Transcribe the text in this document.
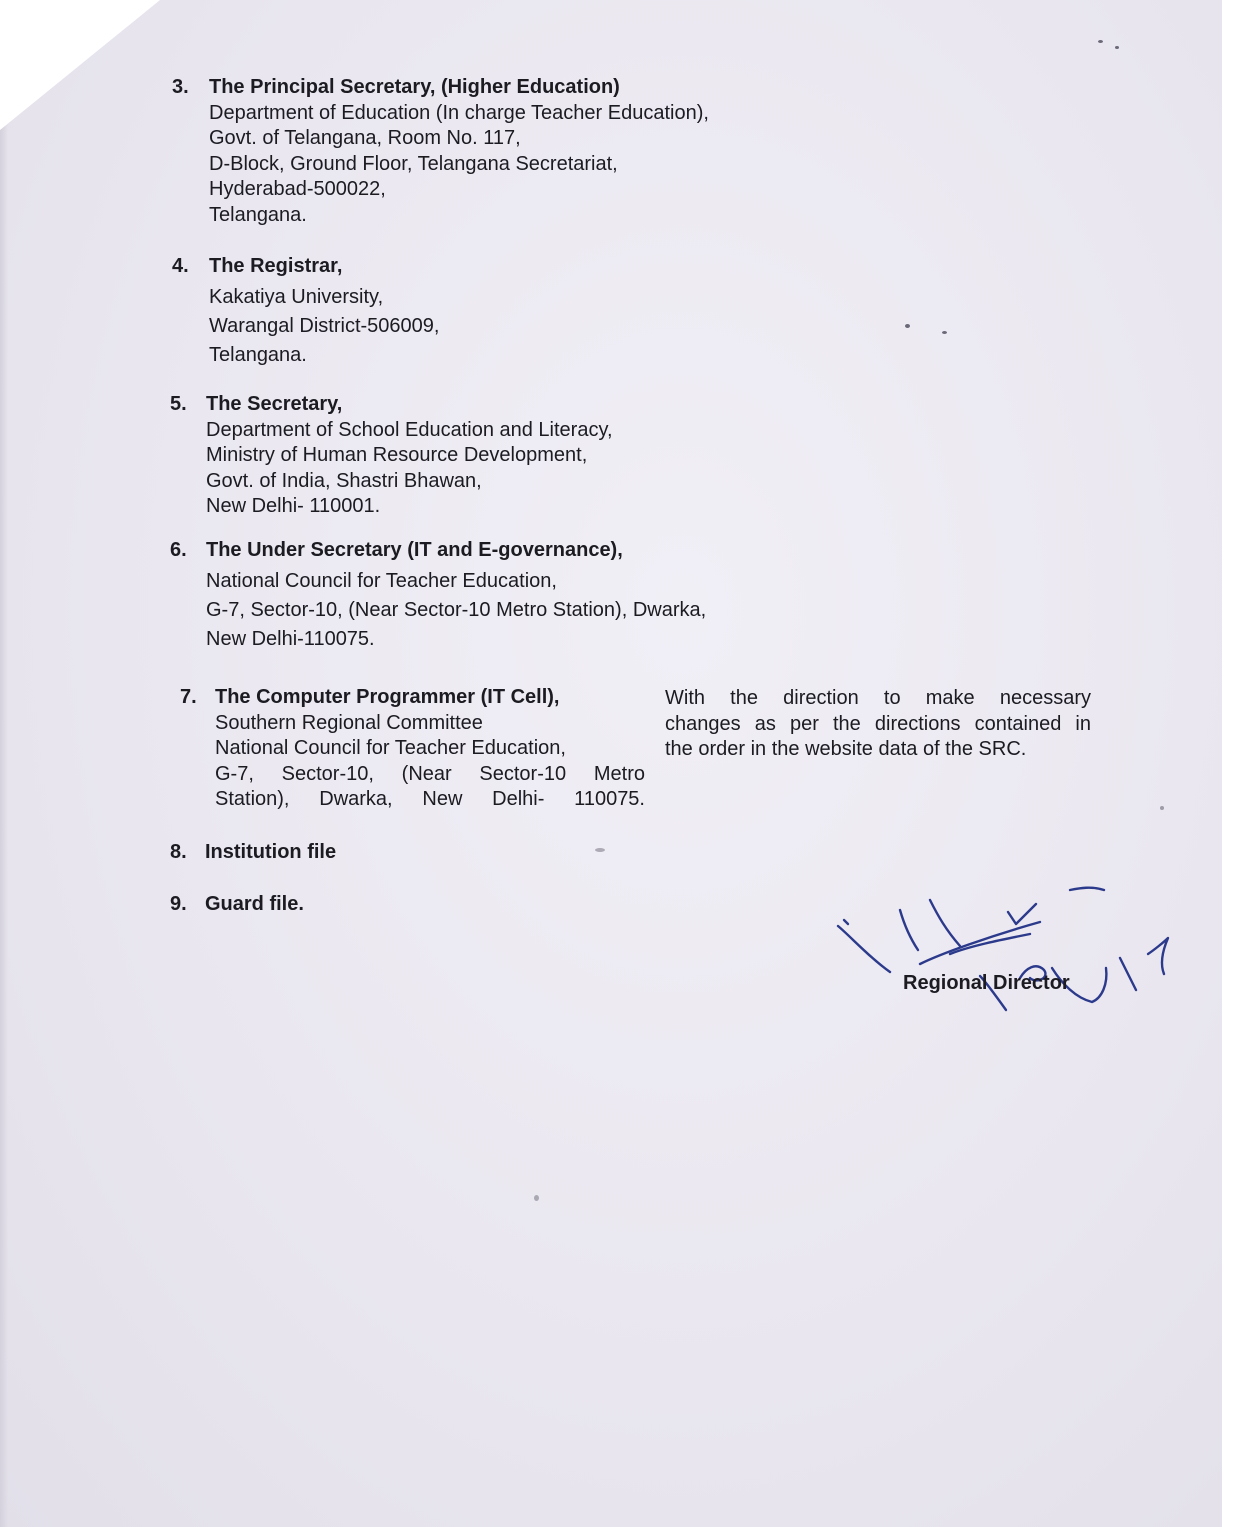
3. The Principal Secretary, (Higher Education)
Department of Education (In charge Teacher Education),
Govt. of Telangana, Room No. 117,
D-Block, Ground Floor, Telangana Secretariat,
Hyderabad-500022,
Telangana.
4. The Registrar,
Kakatiya University,
Warangal District-506009,
Telangana.
5. The Secretary,
Department of School Education and Literacy,
Ministry of Human Resource Development,
Govt. of India, Shastri Bhawan,
New Delhi- 110001.
6. The Under Secretary (IT and E-governance),
National Council for Teacher Education,
G-7, Sector-10, (Near Sector-10 Metro Station), Dwarka,
New Delhi-110075.
7. The Computer Programmer (IT Cell),
Southern Regional Committee
National Council for Teacher Education,
G-7, Sector-10, (Near Sector-10 Metro
Station), Dwarka, New Delhi- 110075.
With the direction to make necessary
changes as per the directions contained in
the order in the website data of the SRC.
8. Institution file
9. Guard file.
Regional Director
